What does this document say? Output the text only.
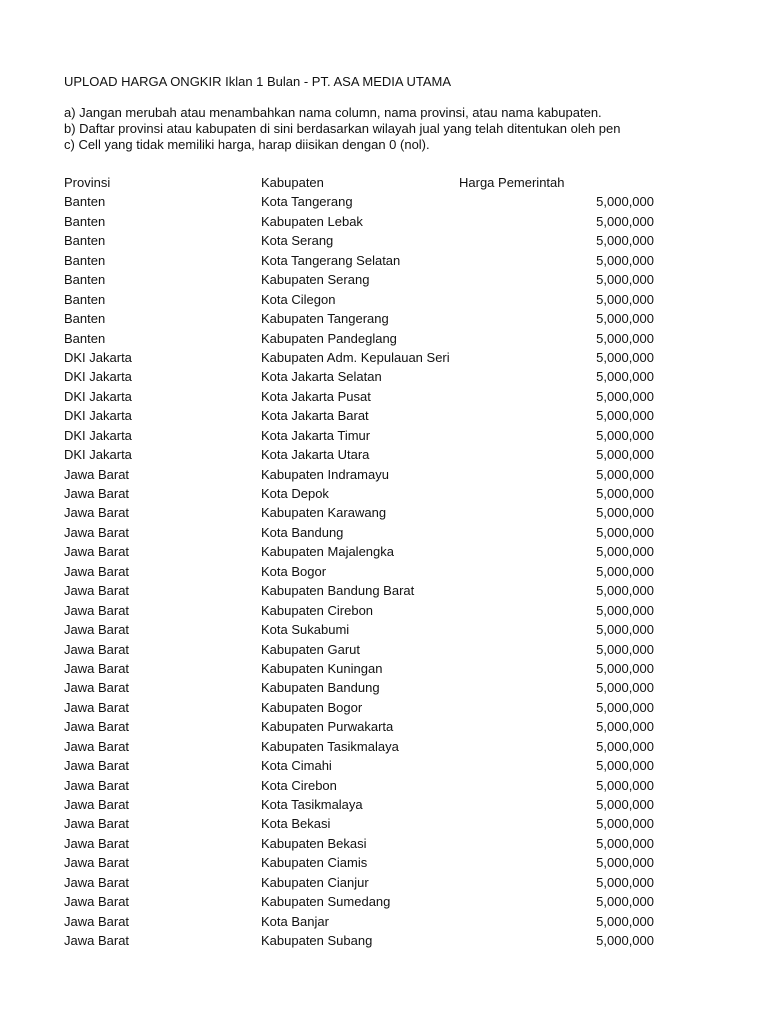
UPLOAD HARGA ONGKIR Iklan 1 Bulan - PT. ASA MEDIA UTAMA
a) Jangan merubah atau menambahkan nama column, nama provinsi, atau nama kabupaten.
b) Daftar provinsi atau kabupaten di sini berdasarkan wilayah jual yang telah ditentukan oleh pen
c) Cell yang tidak memiliki harga, harap diisikan dengan 0 (nol).
Provinsi	Kabupaten	Harga Pemerintah
Banten	Kota Tangerang	5,000,000
Banten	Kabupaten Lebak	5,000,000
Banten	Kota Serang	5,000,000
Banten	Kota Tangerang Selatan	5,000,000
Banten	Kabupaten Serang	5,000,000
Banten	Kota Cilegon	5,000,000
Banten	Kabupaten Tangerang	5,000,000
Banten	Kabupaten Pandeglang	5,000,000
DKI Jakarta	Kabupaten Adm. Kepulauan Seri	5,000,000
DKI Jakarta	Kota Jakarta Selatan	5,000,000
DKI Jakarta	Kota Jakarta Pusat	5,000,000
DKI Jakarta	Kota Jakarta Barat	5,000,000
DKI Jakarta	Kota Jakarta Timur	5,000,000
DKI Jakarta	Kota Jakarta Utara	5,000,000
Jawa Barat	Kabupaten Indramayu	5,000,000
Jawa Barat	Kota Depok	5,000,000
Jawa Barat	Kabupaten Karawang	5,000,000
Jawa Barat	Kota Bandung	5,000,000
Jawa Barat	Kabupaten Majalengka	5,000,000
Jawa Barat	Kota Bogor	5,000,000
Jawa Barat	Kabupaten Bandung Barat	5,000,000
Jawa Barat	Kabupaten Cirebon	5,000,000
Jawa Barat	Kota Sukabumi	5,000,000
Jawa Barat	Kabupaten Garut	5,000,000
Jawa Barat	Kabupaten Kuningan	5,000,000
Jawa Barat	Kabupaten Bandung	5,000,000
Jawa Barat	Kabupaten Bogor	5,000,000
Jawa Barat	Kabupaten Purwakarta	5,000,000
Jawa Barat	Kabupaten Tasikmalaya	5,000,000
Jawa Barat	Kota Cimahi	5,000,000
Jawa Barat	Kota Cirebon	5,000,000
Jawa Barat	Kota Tasikmalaya	5,000,000
Jawa Barat	Kota Bekasi	5,000,000
Jawa Barat	Kabupaten Bekasi	5,000,000
Jawa Barat	Kabupaten Ciamis	5,000,000
Jawa Barat	Kabupaten Cianjur	5,000,000
Jawa Barat	Kabupaten Sumedang	5,000,000
Jawa Barat	Kota Banjar	5,000,000
Jawa Barat	Kabupaten Subang	5,000,000
